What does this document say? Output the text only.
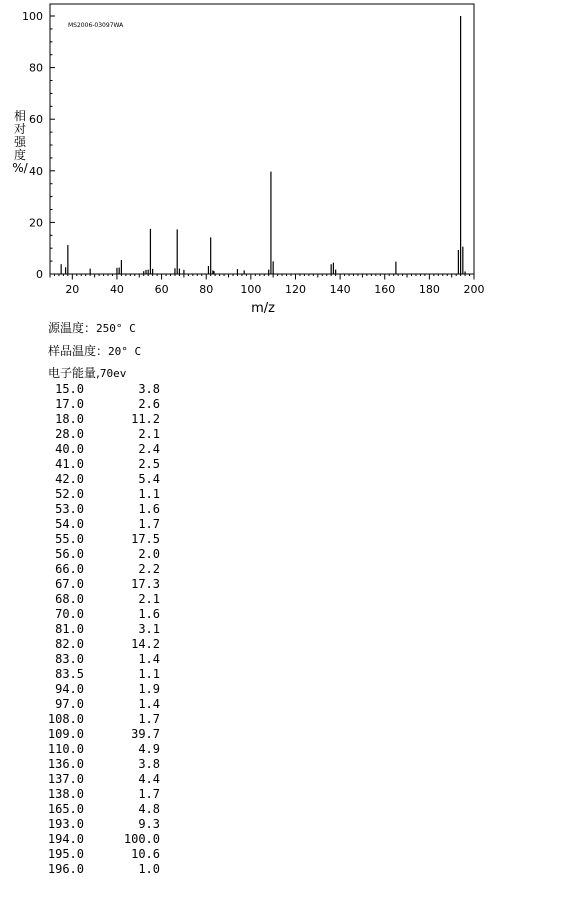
MS2006-03097WA
0
20
40
60
80
100
20	40	60	80 100 120 140 160 180 200
相对强度%/
m/z
源温度：250° C
样品温度：20° C
电子能量,70ev
15.0	3.8
17.0	2.6
18.0	11.2
28.0	2.1
40.0	2.4
41.0	2.5
42.0	5.4
52.0	1.1
53.0	1.6
54.0	1.7
55.0	17.5
56.0	2.0
66.0	2.2
67.0	17.3
68.0	2.1
70.0	1.6
81.0	3.1
82.0	14.2
83.0	1.4
83.5	1.1
94.0	1.9
97.0	1.4
108.0	1.7
109.0	39.7
110.0	4.9
136.0	3.8
137.0	4.4
138.0	1.7
165.0	4.8
193.0	9.3
194.0	100.0
195.0	10.6
196.0	1.0
